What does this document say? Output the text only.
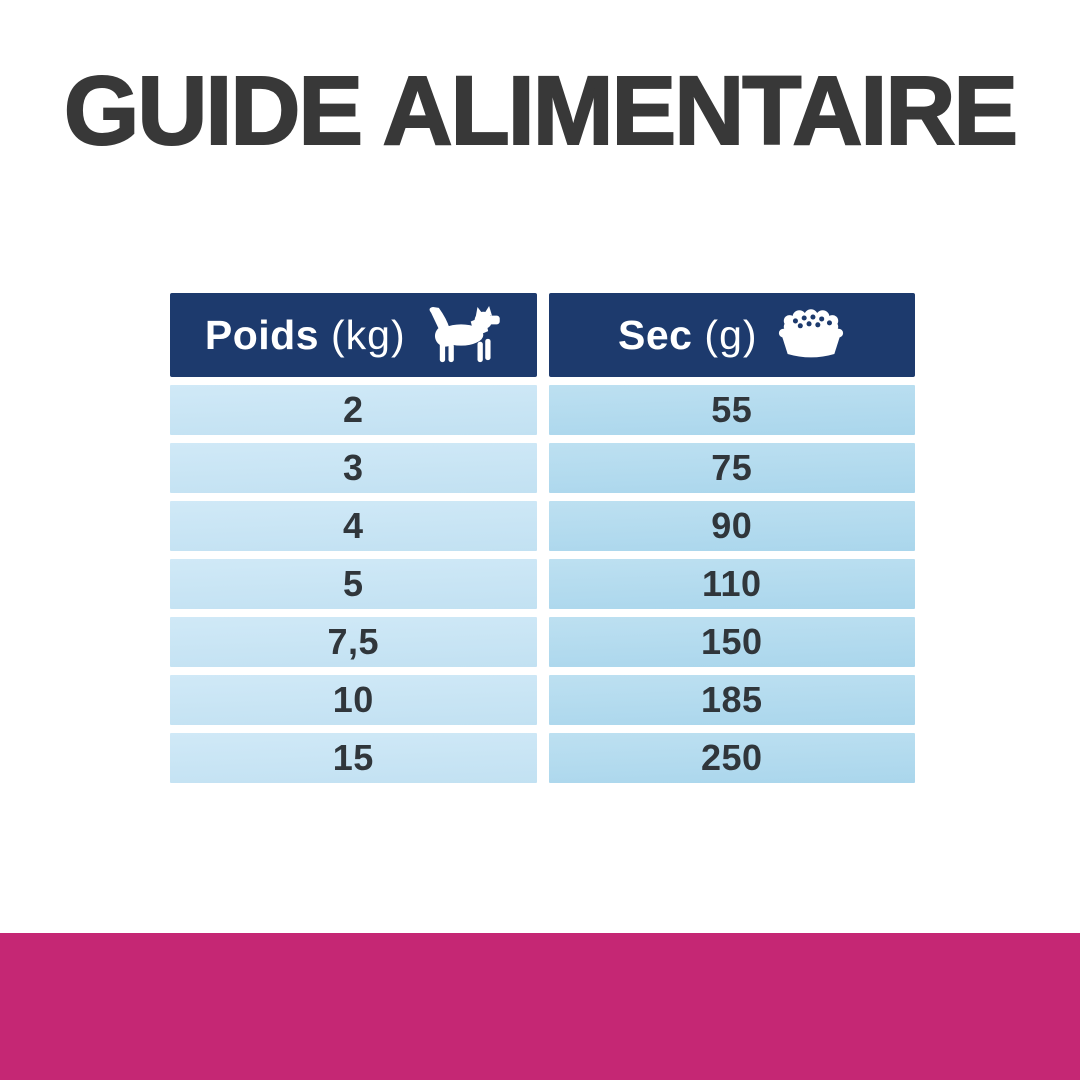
GUIDE ALIMENTAIRE
Poids (kg)
2
3
4
5
7,5
10
15
Sec (g)
55
75
90
110
150
185
250
